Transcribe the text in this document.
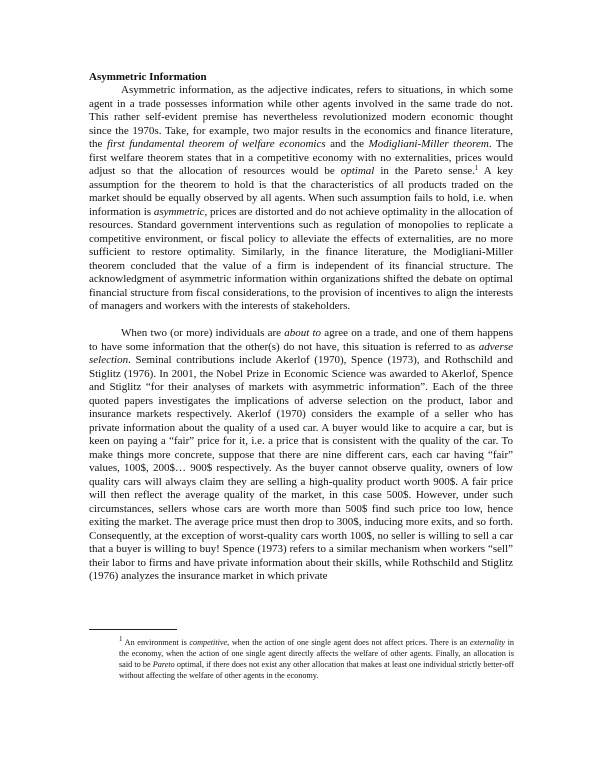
Asymmetric Information

Asymmetric information, as the adjective indicates, refers to situations, in which some agent in a trade possesses information while other agents involved in the same trade do not. This rather self-evident premise has nevertheless revolutionized modern economic thought since the 1970s. Take, for example, two major results in the economics and finance literature, the first fundamental theorem of welfare economics and the Modigliani-Miller theorem. The first welfare theorem states that in a competitive economy with no externalities, prices would adjust so that the allocation of resources would be optimal in the Pareto sense.$^1$ A key assumption for the theorem to hold is that the characteristics of all products traded on the market should be equally observed by all agents. When such assumption fails to hold, i.e. when information is asymmetric, prices are distorted and do not achieve optimality in the allocation of resources. Standard government interventions such as regulation of monopolies to replicate a competitive environment, or fiscal policy to alleviate the effects of externalities, are no more sufficient to restore optimality. Similarly, in the finance literature, the Modigliani-Miller theorem concluded that the value of a firm is independent of its financial structure. The acknowledgment of asymmetric information within organizations shifted the debate on optimal financial structure from fiscal considerations, to the provision of incentives to align the interests of managers and workers with the interests of stakeholders.

When two (or more) individuals are about to agree on a trade, and one of them happens to have some information that the other(s) do not have, this situation is referred to as adverse selection. Seminal contributions include Akerlof (1970), Spence (1973), and Rothschild and Stiglitz (1976). In 2001, the Nobel Prize in Economic Science was awarded to Akerlof, Spence and Stiglitz “for their analyses of markets with asymmetric information”. Each of the three quoted papers investigates the implications of adverse selection on the product, labor and insurance markets respectively. Akerlof (1970) considers the example of a seller who has private information about the quality of a used car. A buyer would like to acquire a car, but is keen on paying a “fair” price for it, i.e. a price that is consistent with the quality of the car. To make things more concrete, suppose that there are nine different cars, each car having “fair” values, 100$, 200$… 900$ respectively. As the buyer cannot observe quality, owners of low quality cars will always claim they are selling a high-quality product worth 900$. A fair price will then reflect the average quality of the market, in this case 500$. However, under such circumstances, sellers whose cars are worth more than 500$ find such price too low, hence exiting the market. The average price must then drop to 300$, inducing more exits, and so forth. Consequently, at the exception of worst-quality cars worth 100$, no seller is willing to sell a car that a buyer is willing to buy! Spence (1973) refers to a similar mechanism when workers “sell” their labor to firms and have private information about their skills, while Rothschild and Stiglitz (1976) analyzes the insurance market in which private

$^1$ An environment is competitive, when the action of one single agent does not affect prices. There is an externality in the economy, when the action of one single agent directly affects the welfare of other agents. Finally, an allocation is said to be Pareto optimal, if there does not exist any other allocation that makes at least one individual strictly better-off without affecting the welfare of other agents in the economy.
